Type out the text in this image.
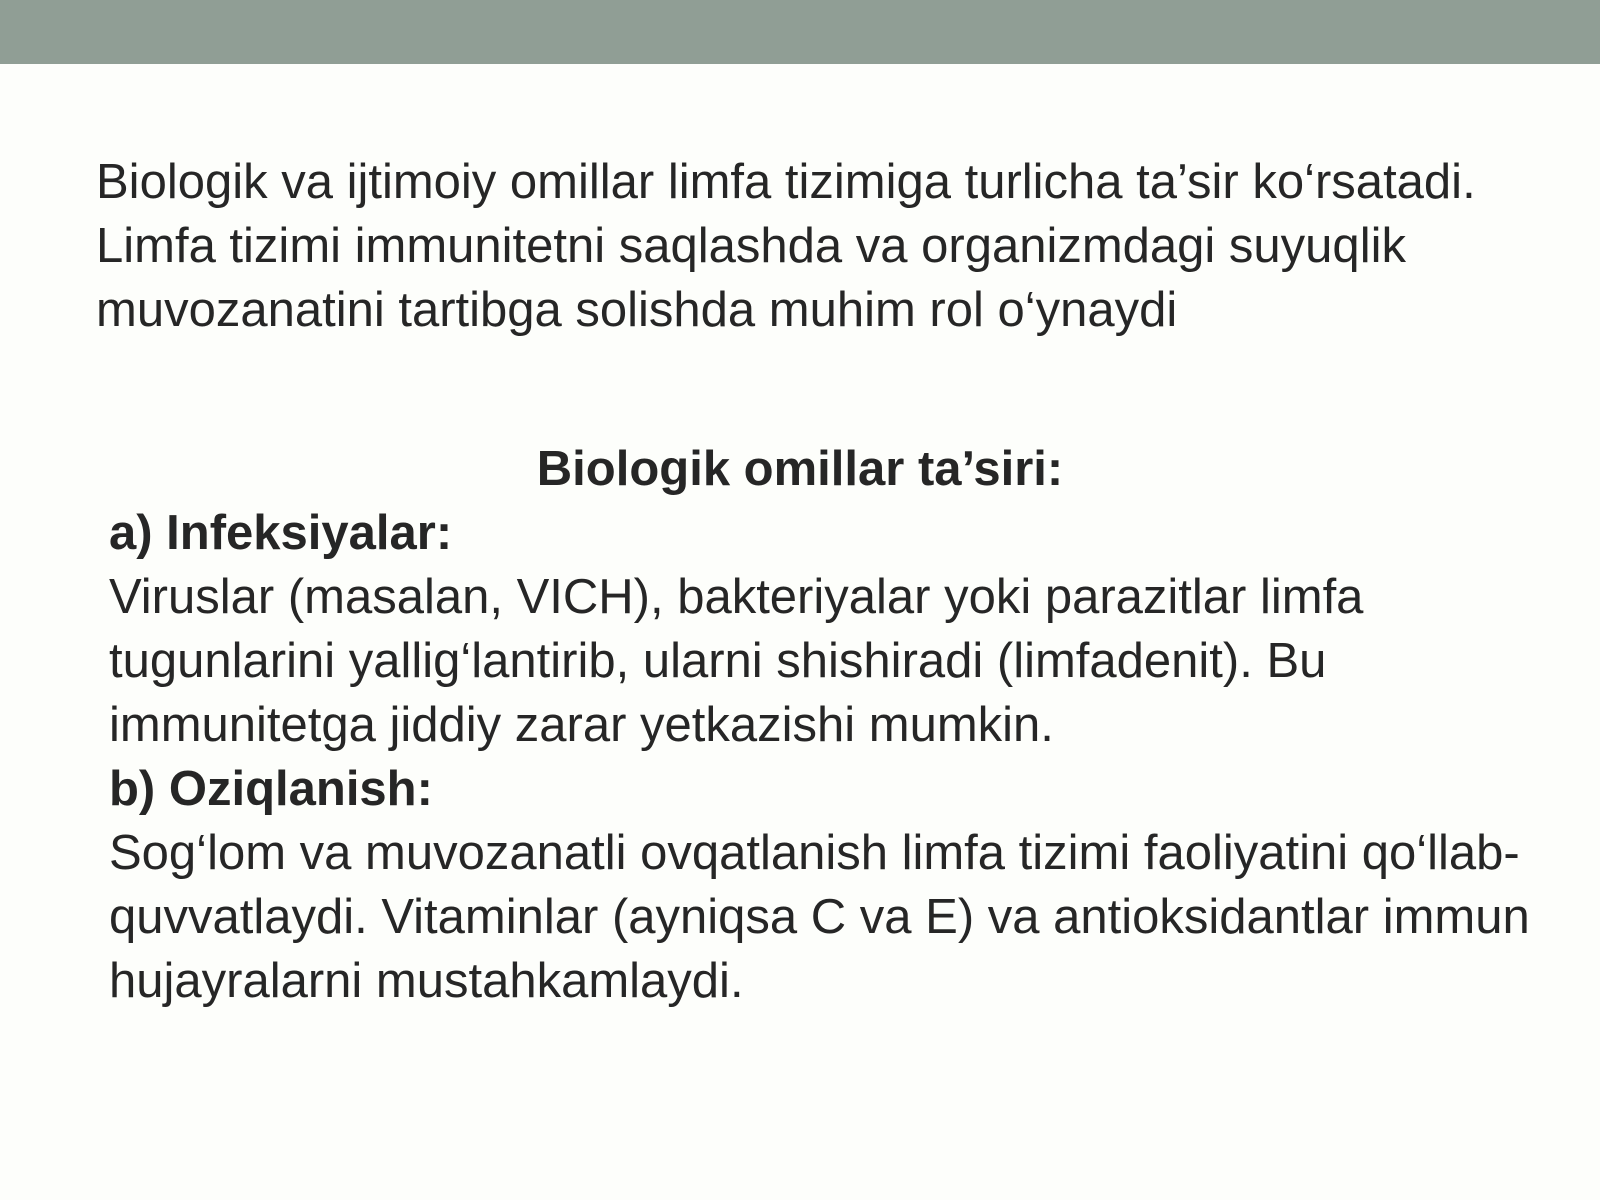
Biologik va ijtimoiy omillar limfa tizimiga turlicha ta’sir ko‘rsatadi. Limfa tizimi immunitetni saqlashda va organizmdagi suyuqlik muvozanatini tartibga solishda muhim rol o‘ynaydi

Biologik omillar ta’siri:
a) Infeksiyalar:
Viruslar (masalan, VICH), bakteriyalar yoki parazitlar limfa tugunlarini yallig‘lantirib, ularni shishiradi (limfadenit). Bu immunitetga jiddiy zarar yetkazishi mumkin.
b) Oziqlanish:
Sog‘lom va muvozanatli ovqatlanish limfa tizimi faoliyatini qo‘llab-quvvatlaydi. Vitaminlar (ayniqsa C va E) va antioksidantlar immun hujayralarni mustahkamlaydi.
